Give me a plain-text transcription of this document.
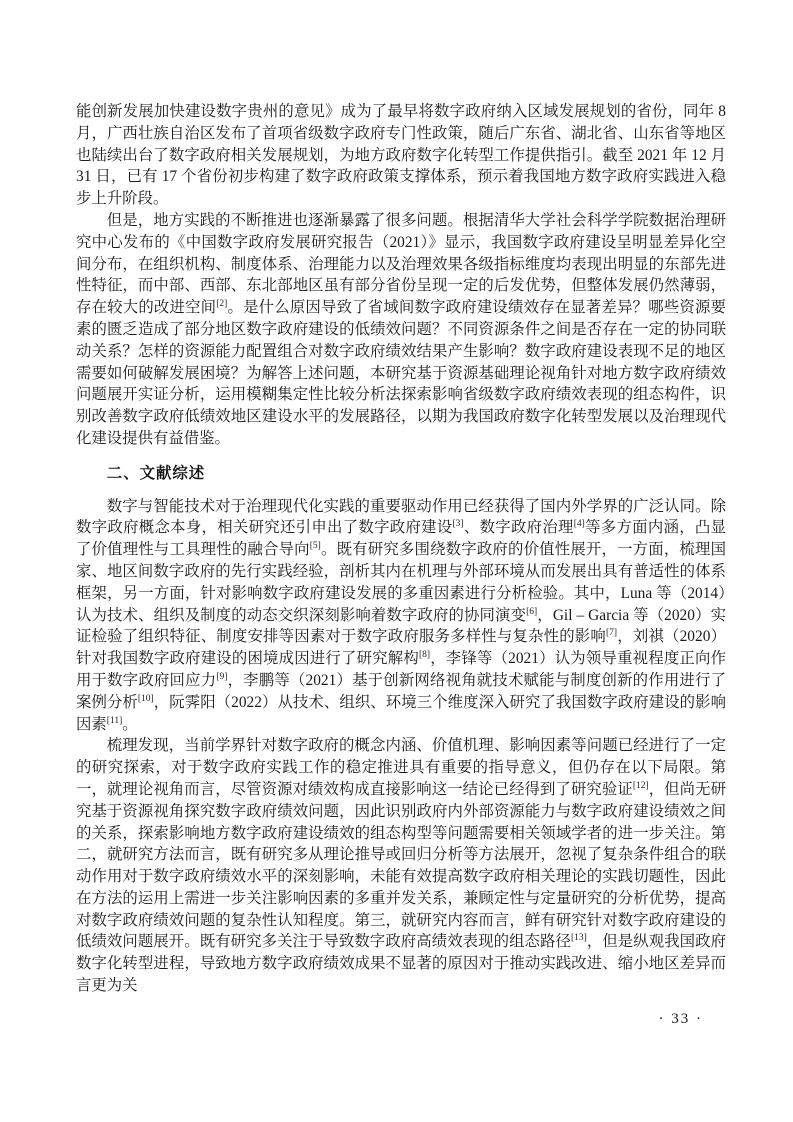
能创新发展加快建设数字贵州的意见》成为了最早将数字政府纳入区域发展规划的省份，同年 8 月，广西壮族自治区发布了首项省级数字政府专门性政策，随后广东省、湖北省、山东省等地区也陆续出台了数字政府相关发展规划，为地方政府数字化转型工作提供指引。截至 2021 年 12 月 31 日，已有 17 个省份初步构建了数字政府政策支撑体系，预示着我国地方数字政府实践进入稳步上升阶段。

但是，地方实践的不断推进也逐渐暴露了很多问题。根据清华大学社会科学学院数据治理研究中心发布的《中国数字政府发展研究报告（2021）》显示，我国数字政府建设呈明显差异化空间分布，在组织机构、制度体系、治理能力以及治理效果各级指标维度均表现出明显的东部先进性特征，而中部、西部、东北部地区虽有部分省份呈现一定的后发优势，但整体发展仍然薄弱，存在较大的改进空间[2]。是什么原因导致了省域间数字政府建设绩效存在显著差异？哪些资源要素的匮乏造成了部分地区数字政府建设的低绩效问题？不同资源条件之间是否存在一定的协同联动关系？怎样的资源能力配置组合对数字政府绩效结果产生影响？数字政府建设表现不足的地区需要如何破解发展困境？为解答上述问题，本研究基于资源基础理论视角针对地方数字政府绩效问题展开实证分析，运用模糊集定性比较分析法探索影响省级数字政府绩效表现的组态构件，识别改善数字政府低绩效地区建设水平的发展路径，以期为我国政府数字化转型发展以及治理现代化建设提供有益借鉴。

二、文献综述

数字与智能技术对于治理现代化实践的重要驱动作用已经获得了国内外学界的广泛认同。除数字政府概念本身，相关研究还引申出了数字政府建设[3]、数字政府治理[4]等多方面内涵，凸显了价值理性与工具理性的融合导向[5]。既有研究多围绕数字政府的价值性展开，一方面，梳理国家、地区间数字政府的先行实践经验，剖析其内在机理与外部环境从而发展出具有普适性的体系框架，另一方面，针对影响数字政府建设发展的多重因素进行分析检验。其中，Luna 等（2014）认为技术、组织及制度的动态交织深刻影响着数字政府的协同演变[6]，Gil – Garcia 等（2020）实证检验了组织特征、制度安排等因素对于数字政府服务多样性与复杂性的影响[7]，刘祺（2020）针对我国数字政府建设的困境成因进行了研究解构[8]，李锋等（2021）认为领导重视程度正向作用于数字政府回应力[9]，李鹏等（2021）基于创新网络视角就技术赋能与制度创新的作用进行了案例分析[10]，阮霁阳（2022）从技术、组织、环境三个维度深入研究了我国数字政府建设的影响因素[11]。

梳理发现，当前学界针对数字政府的概念内涵、价值机理、影响因素等问题已经进行了一定的研究探索，对于数字政府实践工作的稳定推进具有重要的指导意义，但仍存在以下局限。第一，就理论视角而言，尽管资源对绩效构成直接影响这一结论已经得到了研究验证[12]，但尚无研究基于资源视角探究数字政府绩效问题，因此识别政府内外部资源能力与数字政府建设绩效之间的关系，探索影响地方数字政府建设绩效的组态构型等问题需要相关领域学者的进一步关注。第二，就研究方法而言，既有研究多从理论推导或回归分析等方法展开，忽视了复杂条件组合的联动作用对于数字政府绩效水平的深刻影响，未能有效提高数字政府相关理论的实践切题性，因此在方法的运用上需进一步关注影响因素的多重并发关系，兼顾定性与定量研究的分析优势，提高对数字政府绩效问题的复杂性认知程度。第三，就研究内容而言，鲜有研究针对数字政府建设的低绩效问题展开。既有研究多关注于导致数字政府高绩效表现的组态路径[13]，但是纵观我国政府数字化转型进程，导致地方数字政府绩效成果不显著的原因对于推动实践改进、缩小地区差异而言更为关

· 33 ·
